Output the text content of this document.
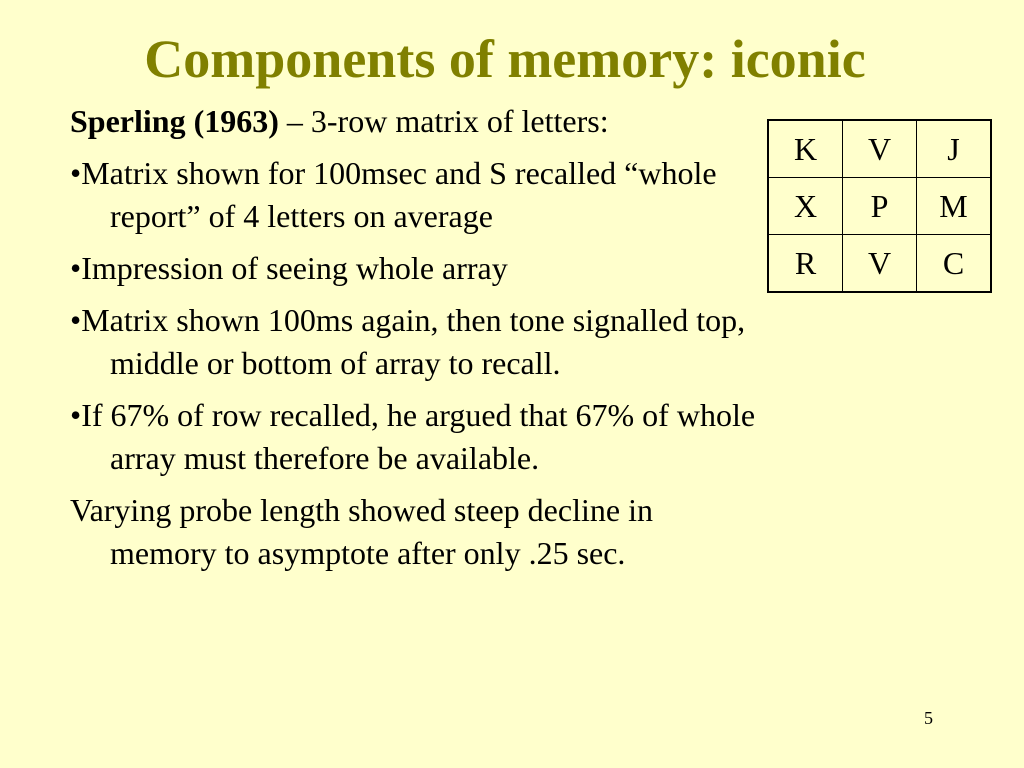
Components of memory: iconic

Sperling (1963) – 3-row matrix of letters:

•Matrix shown for 100msec and S recalled “whole report” of 4 letters on average

•Impression of seeing whole array

•Matrix shown 100ms again, then tone signalled top, middle or bottom of array to recall.

•If 67% of row recalled, he argued that 67% of whole array must therefore be available.

Varying probe length showed steep decline in memory to asymptote after only .25 sec.

K	V	J
X	P	M
R	V	C
5
